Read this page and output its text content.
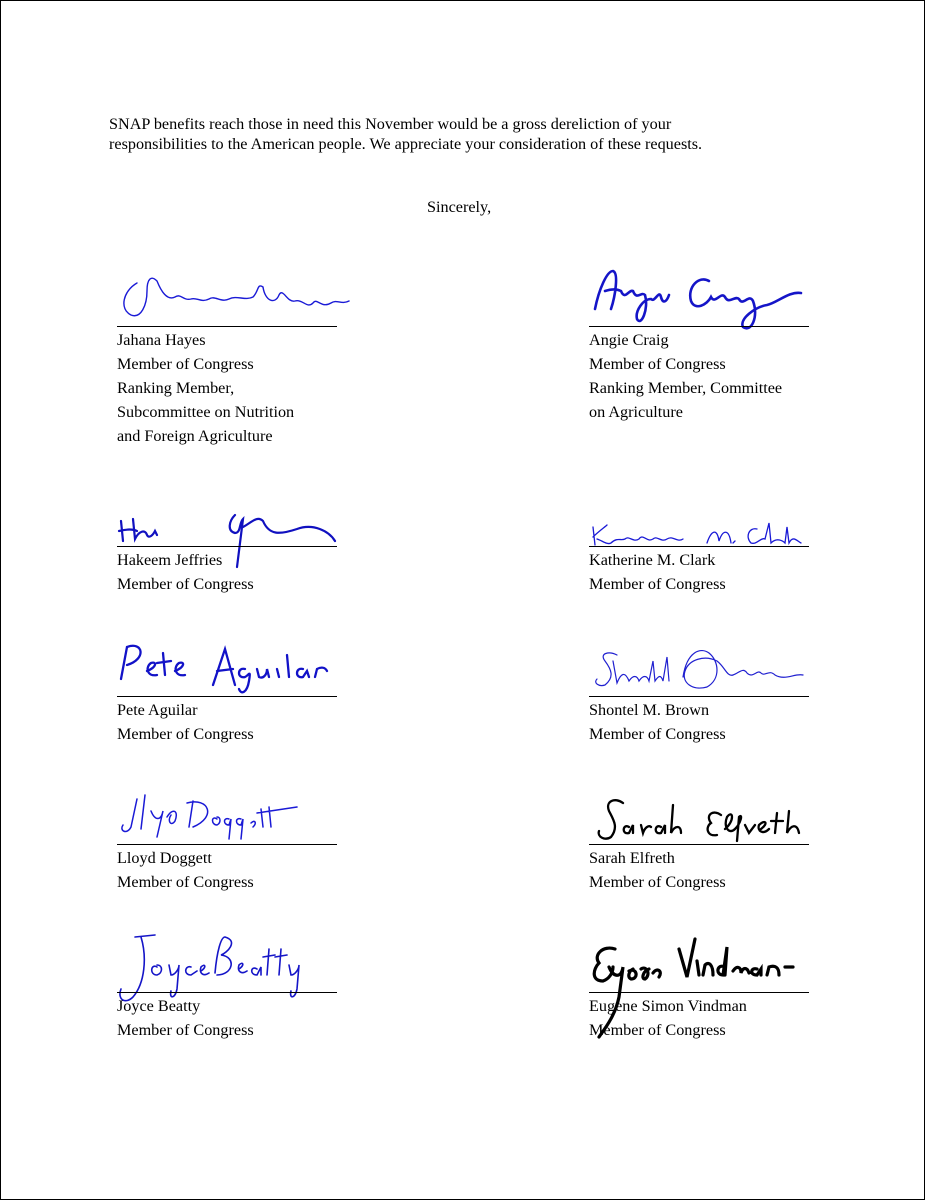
SNAP benefits reach those in need this November would be a gross dereliction of your
responsibilities to the American people. We appreciate your consideration of these requests.

Sincerely,
Jahana Hayes
Member of Congress
Ranking Member,
Subcommittee on Nutrition
and Foreign Agriculture
Angie Craig
Member of Congress
Ranking Member, Committee
on Agriculture
Hakeem Jeffries
Member of Congress
Katherine M. Clark
Member of Congress
Pete Aguilar
Member of Congress
Shontel M. Brown
Member of Congress
Lloyd Doggett
Member of Congress
Sarah Elfreth
Member of Congress
Joyce Beatty
Member of Congress
Eugene Simon Vindman
Member of Congress
